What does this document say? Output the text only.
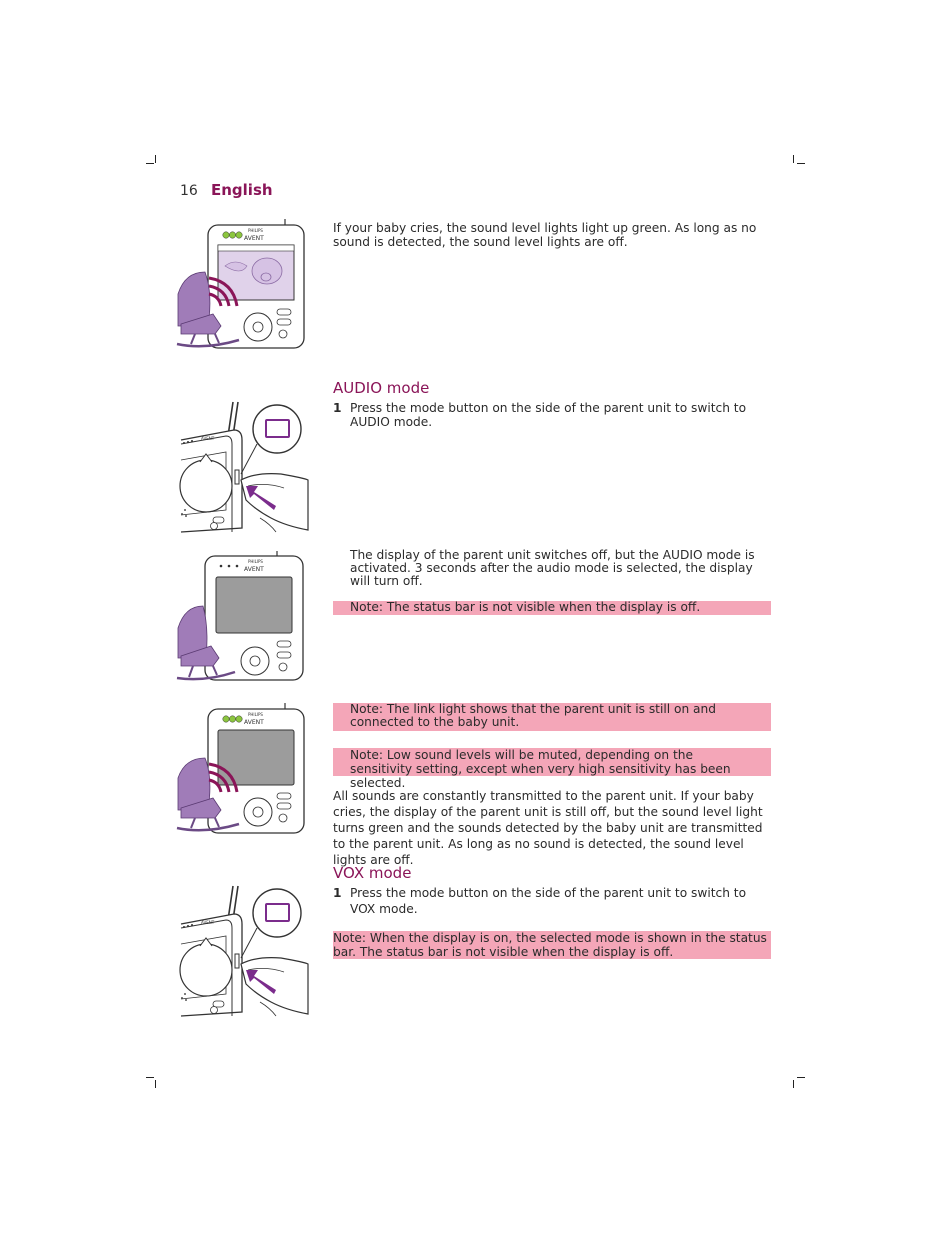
16 English
PHILIPS
AVENT
If your baby cries, the sound level lights light up green. As long as no sound is detected, the sound level lights are off.
AUDIO mode
1 Press the mode button on the side of the parent unit to switch to AUDIO mode.
AVENT
PHILIPS
AVENT
The display of the parent unit switches off, but the AUDIO mode is activated. 3 seconds after the audio mode is selected, the display will turn off.
Note: The status bar is not visible when the display is off.
PHILIPS
AVENT
Note: The link light shows that the parent unit is still on and connected to the baby unit.
Note: Low sound levels will be muted, depending on the sensitivity setting, except when very high sensitivity has been selected.
All sounds are constantly transmitted to the parent unit. If your baby cries, the display of the parent unit is still off, but the sound level light turns green and the sounds detected by the baby unit are transmitted to the parent unit. As long as no sound is detected, the sound level lights are off.
VOX mode
1 Press the mode button on the side of the parent unit to switch to VOX mode.
AVENT
Note: When the display is on, the selected mode is shown in the status bar. The status bar is not visible when the display is off.
